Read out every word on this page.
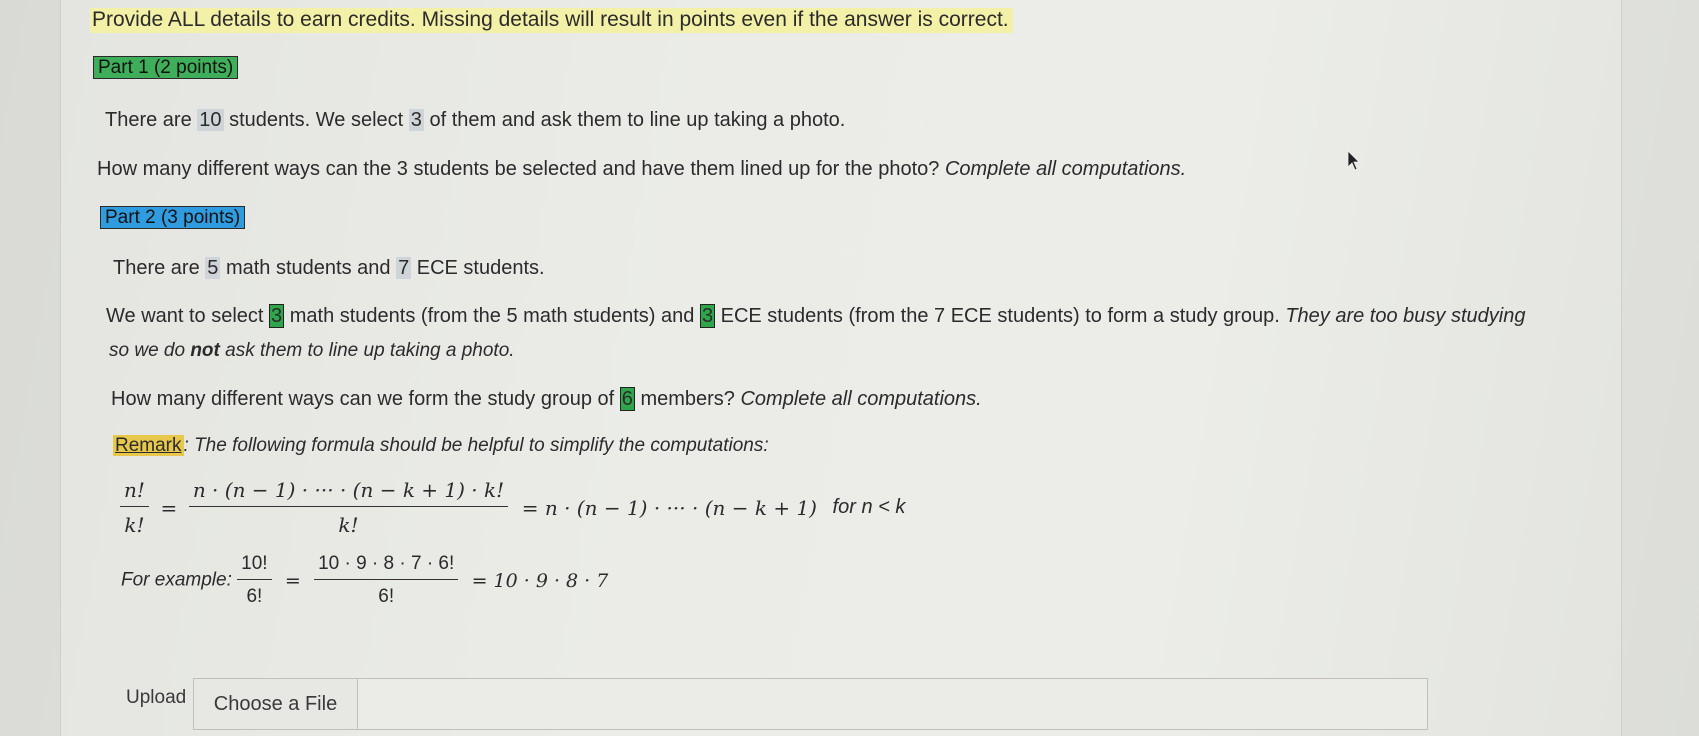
Provide ALL details to earn credits. Missing details will result in points even if the answer is correct.
Part 1 (2 points)
There are 10 students. We select 3 of them and ask them to line up taking a photo.
How many different ways can the 3 students be selected and have them lined up for the photo? Complete all computations.
Part 2 (3 points)
There are 5 math students and 7 ECE students.
We want to select 3 math students (from the 5 math students) and 3 ECE students (from the 7 ECE students) to form a study group. They are too busy studying
so we do not ask them to line up taking a photo.
How many different ways can we form the study group of 6 members? Complete all computations.
Remark : The following formula should be helpful to simplify the computations:
$\frac{n!}{k!} = \frac{n \cdot (n - 1) \cdot \cdot\cdot\cdot \cdot (n - k + 1) \cdot k!}{k!} = n \cdot (n - 1)$ · ··· · (n − k + 1) for n < k
For example: $\frac{10!}{6!} = \frac{10 \cdot 9 \cdot 8 \cdot 7 \cdot 6!}{6!} = 10 \cdot 9 \cdot 8 \cdot 7$
Upload	Choose a File
